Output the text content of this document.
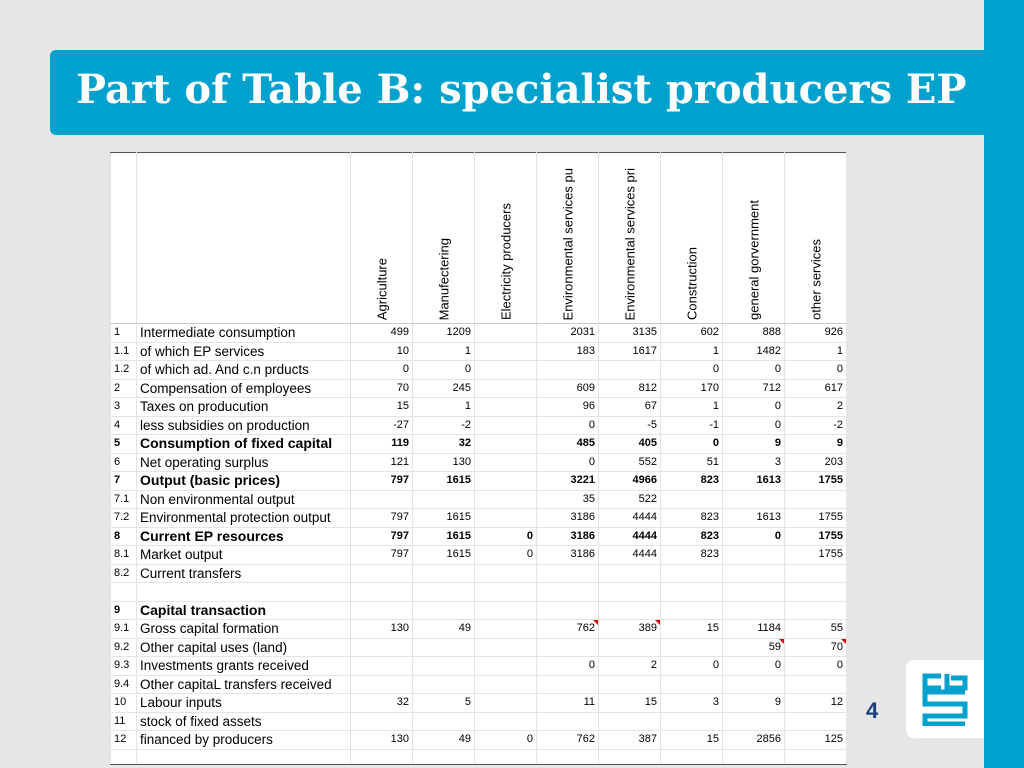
Part of Table B: specialist producers EP

		Agriculture	Manufectering	Electricity producers	Environmental services pu	Environmental services pri	Construction	general gorvernment	other services

1	Intermediate consumption	499	1209		2031	3135	602	888	926
1.1	of which EP services	10	1		183	1617	1	1482	1
1.2	of which ad. And c.n prducts	0	0				0	0	0
2	Compensation of employees	70	245		609	812	170	712	617
3	Taxes on producution	15	1		96	67	1	0	2
4	less subsidies on production	-27	-2		0	-5	-1	0	-2
5	Consumption of fixed capital	119	32		485	405	0	9	9
6	Net operating surplus	121	130		0	552	51	3	203
7	Output (basic prices)	797	1615		3221	4966	823	1613	1755
7.1	Non environmental output				35	522			
7.2	Environmental protection output	797	1615		3186	4444	823	1613	1755
8	Current EP resources	797	1615	0	3186	4444	823	0	1755
8.1	Market output	797	1615	0	3186	4444	823		1755
8.2	Current transfers								

9	Capital transaction								
9.1	Gross capital formation	130	49		762	389	15	1184	55
9.2	Other capital uses (land)							59	70
9.3	Investments grants received				0	2	0	0	0
9.4	Other capitaL transfers received								
10	Labour inputs	32	5		11	15	3	9	12
11	stock of fixed assets								
12	financed by producers	130	49	0	762	387	15	2856	125

4
